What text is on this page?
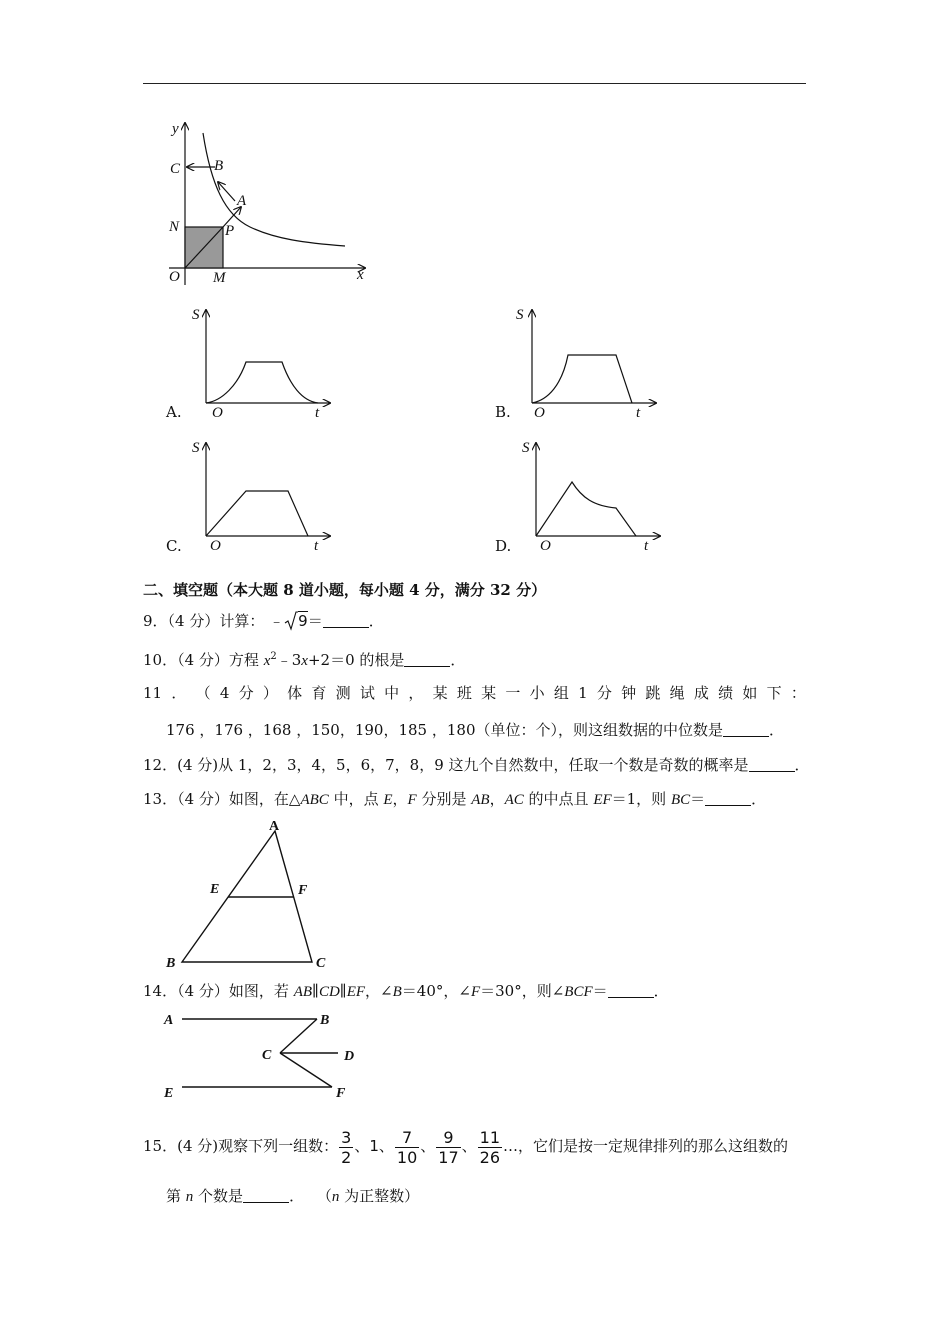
y
x
O M
N	P
A
B
C
A.
S
O	t	B.
S
O	t
C.
S
O	t	D.
S
O	t
二、填空题（本大题 8 道小题，每小题 4 分，满分 32 分）
9．（4 分）计算： ﹣ 9＝	．
10．（4 分）方程 $x^2﹣3x+2=0$ 的根是	．
11 ． （ 4 分 ） 体 育 测 试 中 ， 某 班 某 一 小 组 1 分 钟 跳 绳 成 绩 如 下 ：
176 ，176 ，168 ，150，190，185 ，180（单位：个），则这组数据的中位数是	．
12．(4 分)从 1，2，3，4，5，6，7，8，9 这九个自然数中，任取一个数是奇数的概率是	．
13．（4 分）如图，在△ABC 中，点 E，F 分别是 AB，AC 的中点且 EF＝1，则 BC＝	．
A
B	C
E	F
14．（4 分）如图，若 AB∥CD∥EF，∠B＝40°，∠F＝30°，则∠BCF＝	．
A	B
C	D
E	F
15．(4 分)观察下列一组数： $\frac{3}{2}$ 、1、 $\frac{7}{10}$ 、 $\frac{9}{17}$ 、 $\frac{11}{26}$ …，它们是按一定规律排列的那么这组数的
第 n 个数是	． （n 为正整数）
